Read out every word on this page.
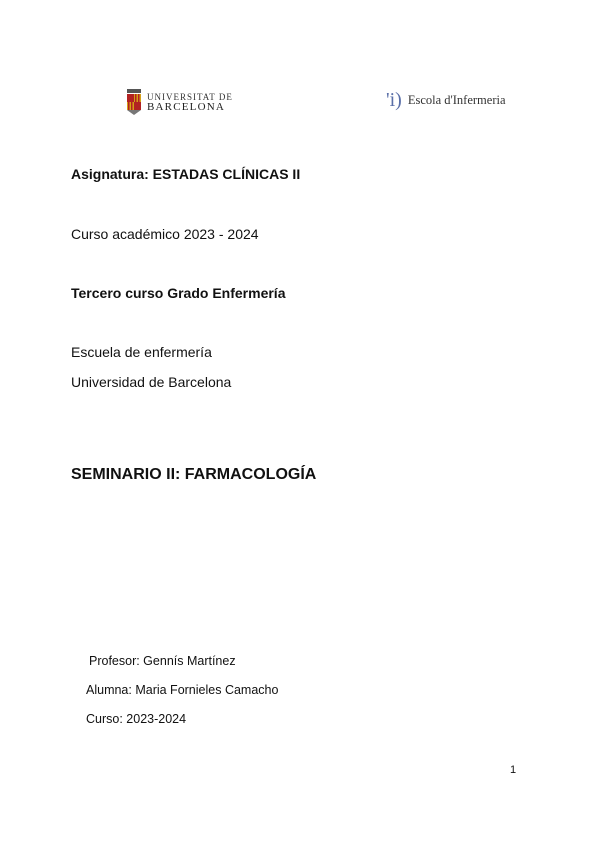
UNIVERSITAT DE
BARCELONA	'i) Escola d'Infermeria
Asignatura: ESTADAS CLÍNICAS II
Curso académico 2023 - 2024
Tercero curso Grado Enfermería
Escuela de enfermería
Universidad de Barcelona
SEMINARIO II: FARMACOLOGÍA
Profesor: Gennís Martínez
Alumna: Maria Fornieles Camacho
Curso: 2023-2024
1
